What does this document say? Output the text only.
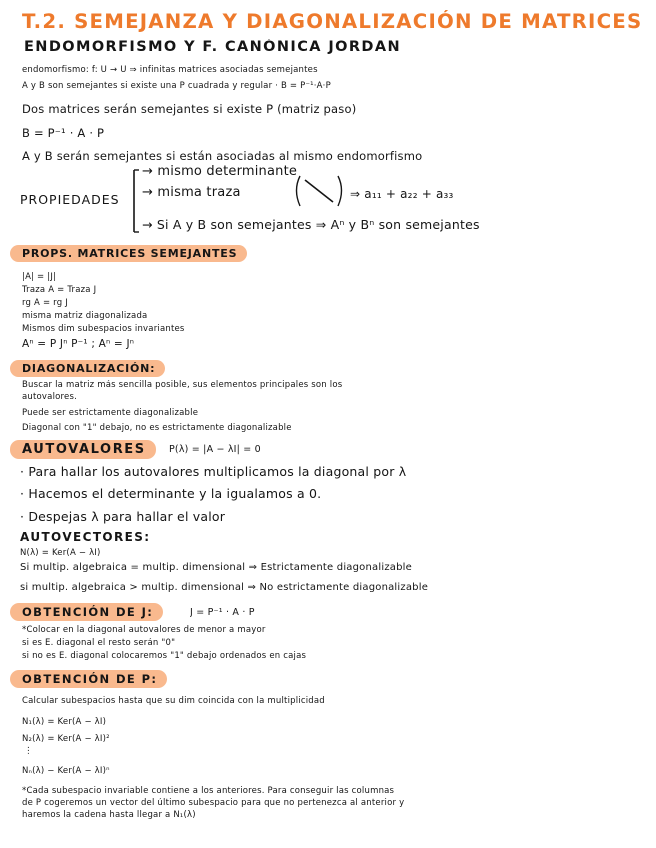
T.2. SEMEJANZA Y DIAGONALIZACIÓN DE MATRICES
ENDOMORFISMO Y F. CANÓNICA JORDAN
endomorfismo: f: U → U ⇒ infinitas matrices asociadas semejantes
A y B son semejantes si existe una P cuadrada y regular · B = P⁻¹·A·P
Dos matrices serán semejantes si existe P (matriz paso)
B = P⁻¹ · A · P
A y B serán semejantes si están asociadas al mismo endomorfismo
PROPIEDADES
→ mismo determinante
→ misma traza	⇒ a₁₁ + a₂₂ + a₃₃
→ Si A y B son semejantes ⇒ Aⁿ y Bⁿ son semejantes
PROPS. MATRICES SEMEJANTES
|A| = |J|
Traza A = Traza J
rg A = rg J
misma matriz diagonalizada
Mismos dim subespacios invariantes
Aⁿ = P Jⁿ P⁻¹ ; Aⁿ = Jⁿ
DIAGONALIZACIÓN:
Buscar la matriz más sencilla posible, sus elementos principales son los
autovalores.
Puede ser estrictamente diagonalizable
Diagonal con "1" debajo, no es estrictamente diagonalizable
AUTOVALORES	P(λ) = |A − λI| = 0
· Para hallar los autovalores multiplicamos la diagonal por λ
· Hacemos el determinante y la igualamos a 0.
· Despejas λ para hallar el valor
AUTOVECTORES:
N(λ) = Ker(A − λI)
Si multip. algebraica = multip. dimensional ⇒ Estrictamente diagonalizable
si multip. algebraica > multip. dimensional ⇒ No estrictamente diagonalizable
OBTENCIÓN DE J:	J = P⁻¹ · A · P
*Colocar en la diagonal autovalores de menor a mayor
si es E. diagonal el resto serán "0"
si no es E. diagonal colocaremos "1" debajo ordenados en cajas
OBTENCIÓN DE P:
Calcular subespacios hasta que su dim coincida con la multiplicidad
N₁(λ) = Ker(A − λI)
N₂(λ) = Ker(A − λI)²
⋮
Nₙ(λ) − Ker(A − λI)ⁿ
*Cada subespacio invariable contiene a los anteriores. Para conseguir las columnas
de P cogeremos un vector del último subespacio para que no pertenezca al anterior y
haremos la cadena hasta llegar a N₁(λ)
